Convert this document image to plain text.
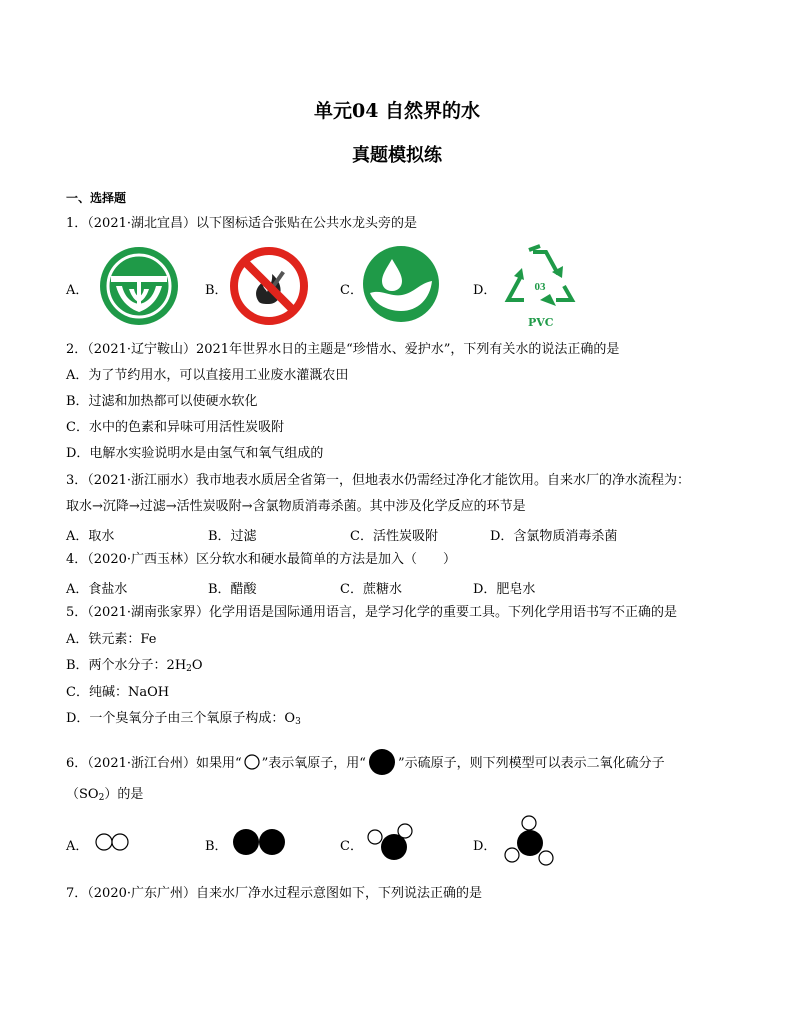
单元04 自然界的水
真题模拟练
一、选择题
1．（2021·湖北宜昌）以下图标适合张贴在公共水龙头旁的是
A．	B．	C．	D．	03
PVC
2．（2021·辽宁鞍山）2021年世界水日的主题是“珍惜水、爱护水”，下列有关水的说法正确的是
A．为了节约用水，可以直接用工业废水灌溉农田
B．过滤和加热都可以使硬水软化
C．水中的色素和异味可用活性炭吸附
D．电解水实验说明水是由氢气和氧气组成的
3．（2021·浙江丽水）我市地表水质居全省第一，但地表水仍需经过净化才能饮用。自来水厂的净水流程为：
取水→沉降→过滤→活性炭吸附→含氯物质消毒杀菌。其中涉及化学反应的环节是
A．取水	B．过滤	C．活性炭吸附	D．含氯物质消毒杀菌
4．（2020·广西玉林）区分软水和硬水最简单的方法是加入（　　）
A．食盐水	B．醋酸	C．蔗糖水	D．肥皂水
5．（2021·湖南张家界）化学用语是国际通用语言，是学习化学的重要工具。下列化学用语书写不正确的是
A．铁元素：Fe
B．两个水分子：$2H_2O$
C．纯碱：NaOH
D．一个臭氧分子由三个氧原子构成：$O_3$
6．（2021·浙江台州）如果用“ ”表示氧原子，用“ ”示硫原子，则下列模型可以表示二氧化硫分子
$(SO_2)$的是
A．	B．	C．	D．
7．（2020·广东广州）自来水厂净水过程示意图如下，下列说法正确的是
